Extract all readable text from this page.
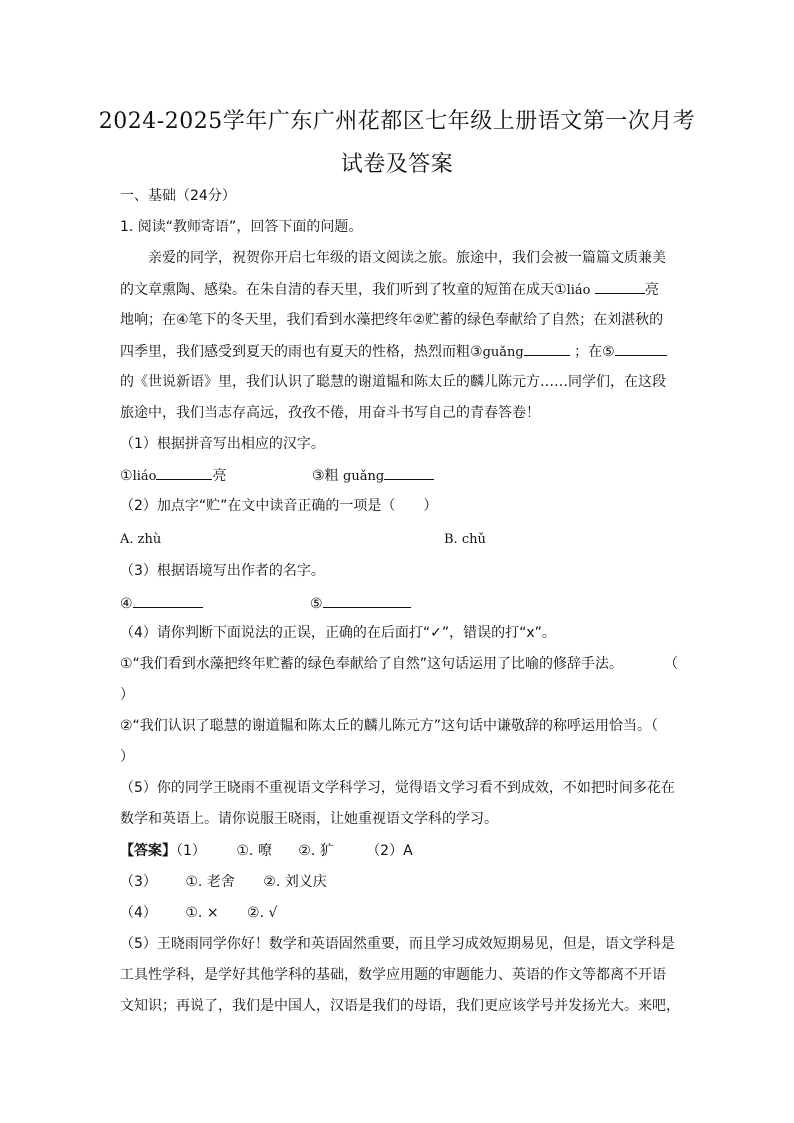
2024-2025学年广东广州花都区七年级上册语文第一次月考
试卷及答案
一、基础（24分）
1. 阅读“教师寄语”，回答下面的问题。
亲爱的同学，祝贺你开启七年级的语文阅读之旅。旅途中，我们会被一篇篇文质兼美
的文章熏陶、感染。在朱自清的春天里，我们听到了牧童的短笛在成天①liáo	亮
地响；在④笔下的冬天里，我们看到水藻把终年②贮蓄的绿色奉献给了自然；在刘湛秋的
四季里，我们感受到夏天的雨也有夏天的性格，热烈而粗③guǎng	；在⑤
的《世说新语》里，我们认识了聪慧的谢道韫和陈太丘的麟儿陈元方……同学们，在这段
旅途中，我们当志存高远，孜孜不倦，用奋斗书写自己的青春答卷！
（1）根据拼音写出相应的汉字。
①liáo	亮	③粗 guǎng
（2）加点字“贮”在文中读音正确的一项是（　　）
A. zhù	B. chǔ
（3）根据语境写出作者的名字。
④	⑤
（4）请你判断下面说法的正误，正确的在后面打“✓”，错误的打“x”。
①“我们看到水藻把终年贮蓄的绿色奉献给了自然”这句话运用了比喻的修辞手法。	（
）
②“我们认识了聪慧的谢道韫和陈太丘的麟儿陈元方”这句话中谦敬辞的称呼运用恰当。（
）
（5）你的同学王晓雨不重视语文学科学习，觉得语文学习看不到成效，不如把时间多花在
数学和英语上。请你说服王晓雨，让她重视语文学科的学习。
【答案】（1） ①. 嘹 ②. 犷 （2）A
（3） ①. 老舍 ②. 刘义庆
（4） ①. × ②. √
（5）王晓雨同学你好！数学和英语固然重要，而且学习成效短期易见，但是，语文学科是
工具性学科，是学好其他学科的基础，数学应用题的审题能力、英语的作文等都离不开语
文知识；再说了，我们是中国人，汉语是我们的母语，我们更应该学号并发扬光大。来吧，
